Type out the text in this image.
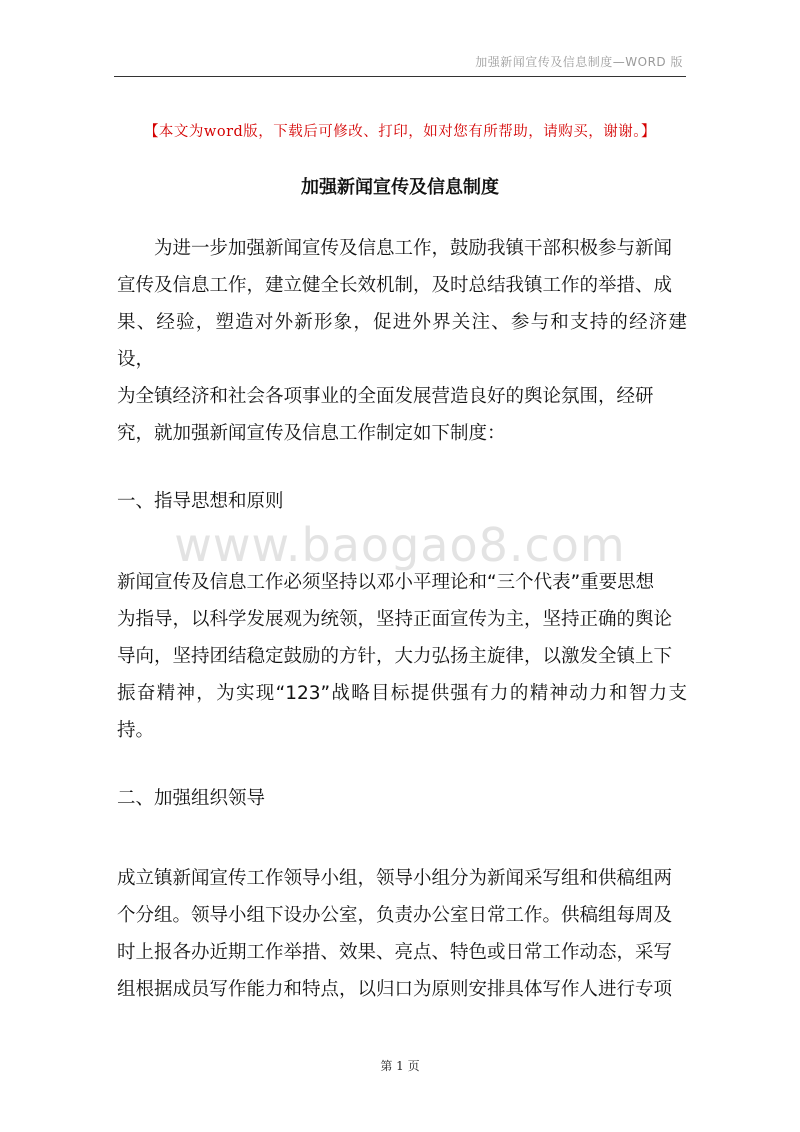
加强新闻宣传及信息制度—WORD 版
【本文为word版，下载后可修改、打印，如对您有所帮助，请购买，谢谢。】
加强新闻宣传及信息制度
为进一步加强新闻宣传及信息工作，鼓励我镇干部积极参与新闻
宣传及信息工作，建立健全长效机制，及时总结我镇工作的举措、成
果、经验，塑造对外新形象，促进外界关注、参与和支持的经济建设，
为全镇经济和社会各项事业的全面发展营造良好的舆论氛围，经研
究，就加强新闻宣传及信息工作制定如下制度：
一、指导思想和原则
www.baogao8.com
新闻宣传及信息工作必须坚持以邓小平理论和“三个代表”重要思想
为指导，以科学发展观为统领，坚持正面宣传为主，坚持正确的舆论
导向，坚持团结稳定鼓励的方针，大力弘扬主旋律，以激发全镇上下
振奋精神，为实现“123”战略目标提供强有力的精神动力和智力支持。
二、加强组织领导
成立镇新闻宣传工作领导小组，领导小组分为新闻采写组和供稿组两
个分组。领导小组下设办公室，负责办公室日常工作。供稿组每周及
时上报各办近期工作举措、效果、亮点、特色或日常工作动态，采写
组根据成员写作能力和特点，以归口为原则安排具体写作人进行专项
第 1 页
